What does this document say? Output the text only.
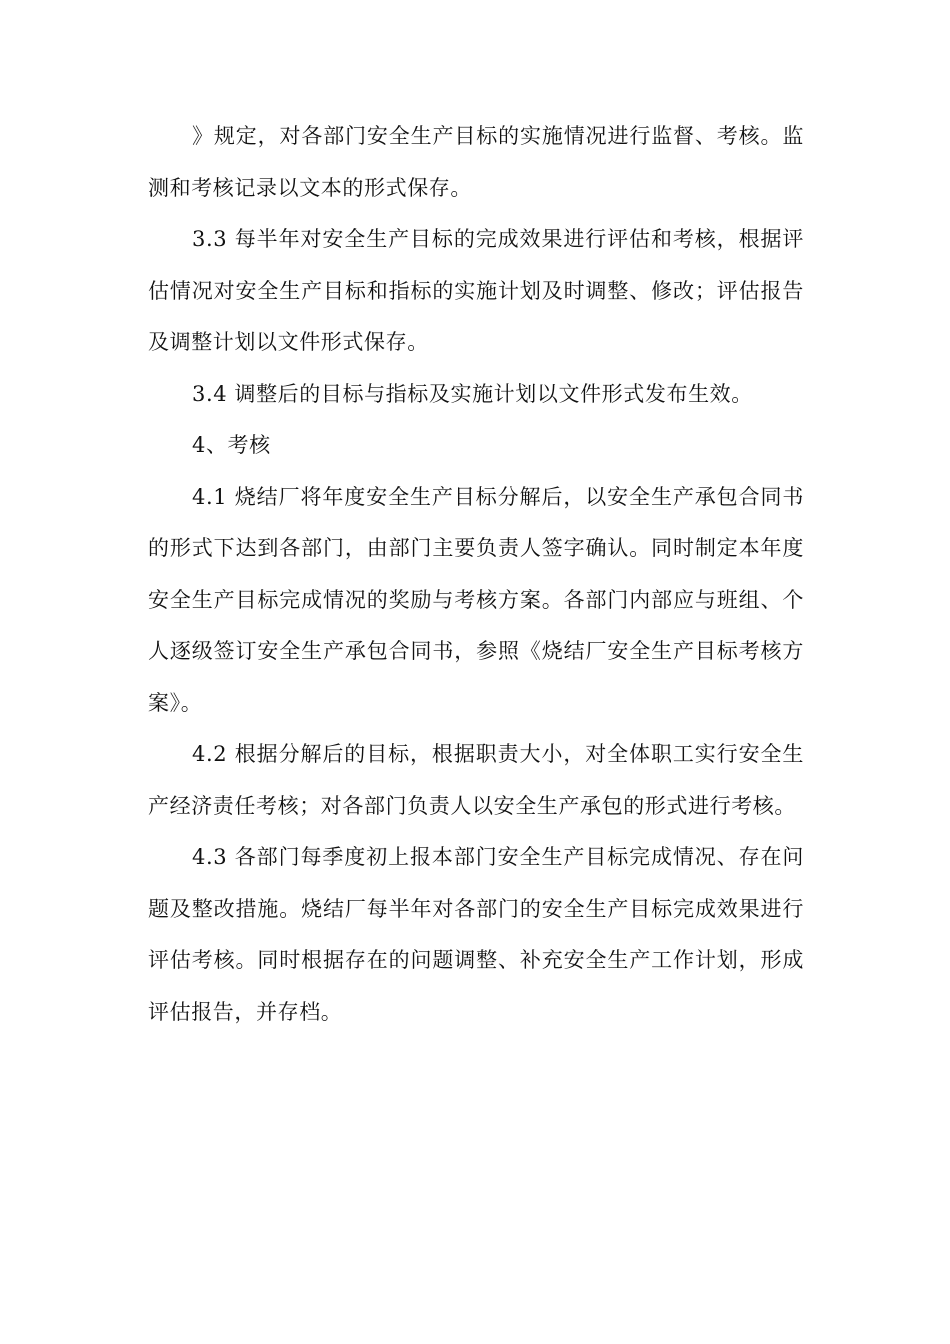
》规定，对各部门安全生产目标的实施情况进行监督、考核。监测和考核记录以文本的形式保存。

3.3 每半年对安全生产目标的完成效果进行评估和考核，根据评估情况对安全生产目标和指标的实施计划及时调整、修改；评估报告及调整计划以文件形式保存。

3.4 调整后的目标与指标及实施计划以文件形式发布生效。

4、考核

4.1 烧结厂将年度安全生产目标分解后，以安全生产承包合同书的形式下达到各部门，由部门主要负责人签字确认。同时制定本年度安全生产目标完成情况的奖励与考核方案。各部门内部应与班组、个人逐级签订安全生产承包合同书，参照《烧结厂安全生产目标考核方案》。

4.2 根据分解后的目标，根据职责大小，对全体职工实行安全生产经济责任考核；对各部门负责人以安全生产承包的形式进行考核。

4.3 各部门每季度初上报本部门安全生产目标完成情况、存在问题及整改措施。烧结厂每半年对各部门的安全生产目标完成效果进行评估考核。同时根据存在的问题调整、补充安全生产工作计划，形成评估报告，并存档。
